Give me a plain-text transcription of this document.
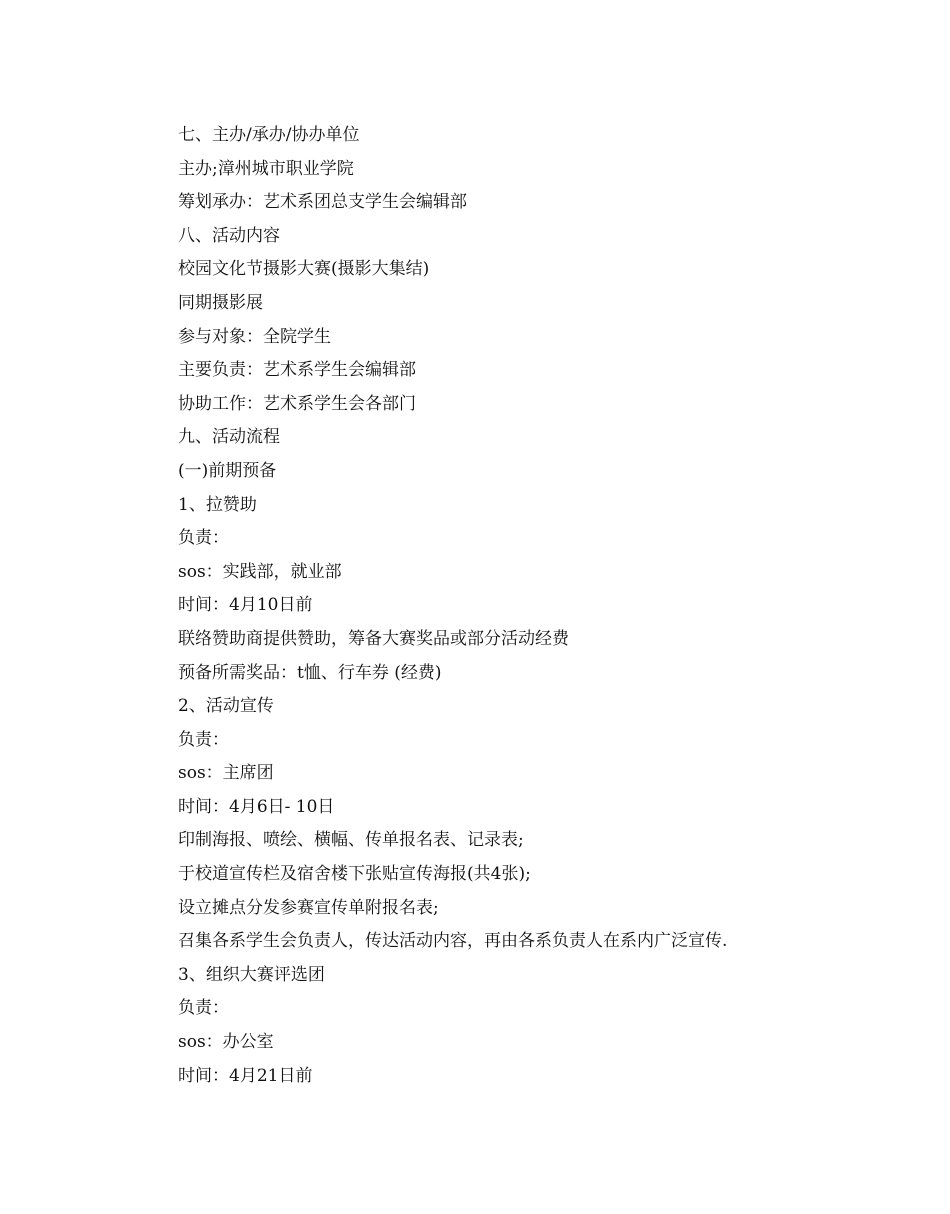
七、主办/承办/协办单位
主办;漳州城市职业学院
筹划承办：艺术系团总支学生会编辑部
八、活动内容
校园文化节摄影大赛(摄影大集结)
同期摄影展
参与对象：全院学生
主要负责：艺术系学生会编辑部
协助工作：艺术系学生会各部门
九、活动流程
(一)前期预备
1、拉赞助
负责：
sos：实践部，就业部
时间：4月10日前
联络赞助商提供赞助，筹备大赛奖品或部分活动经费
预备所需奖品：t恤、行车券 (经费)
2、活动宣传
负责：
sos：主席团
时间：4月6日- 10日
印制海报、喷绘、横幅、传单报名表、记录表;
于校道宣传栏及宿舍楼下张贴宣传海报(共4张);
设立摊点分发参赛宣传单附报名表;
召集各系学生会负责人，传达活动内容，再由各系负责人在系内广泛宣传.
3、组织大赛评选团
负责：
sos：办公室
时间：4月21日前
